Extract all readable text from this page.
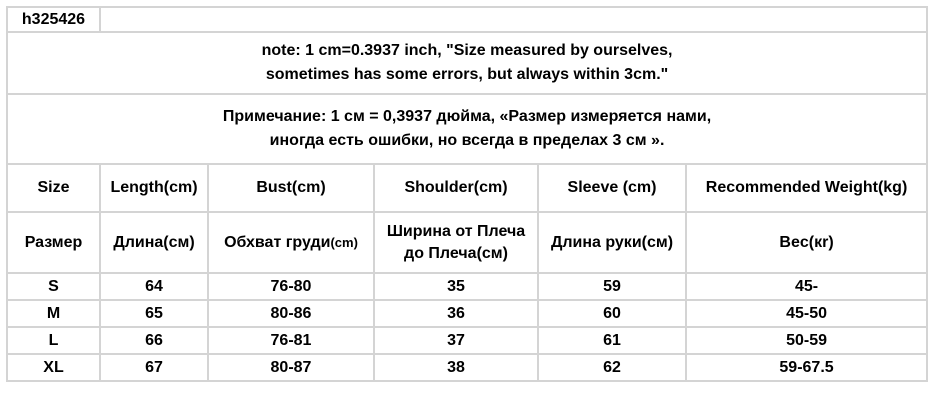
h325426					

note: 1 cm=0.3937 inch, "Size measured by ourselves,
sometimes has some errors, but always within 3cm."					

Примечание: 1 см = 0,3937 дюйма, «Размер измеряется нами,
иногда есть ошибки, но всегда в пределах 3 см ».					

Size	Length(cm)	Bust(cm)	Shoulder(cm)	Sleeve (cm)	Recommended Weight(kg)
Размер	Длина(см)	Обхват груди(cm)	Ширина от Плеча
до Плеча(см)	Длина руки(см)	Bec(кr)
S	64	76-80	35	59	45-
M	65	80-86	36	60	45-50
L	66	76-81	37	61	50-59
XL	67	80-87	38	62	59-67.5
